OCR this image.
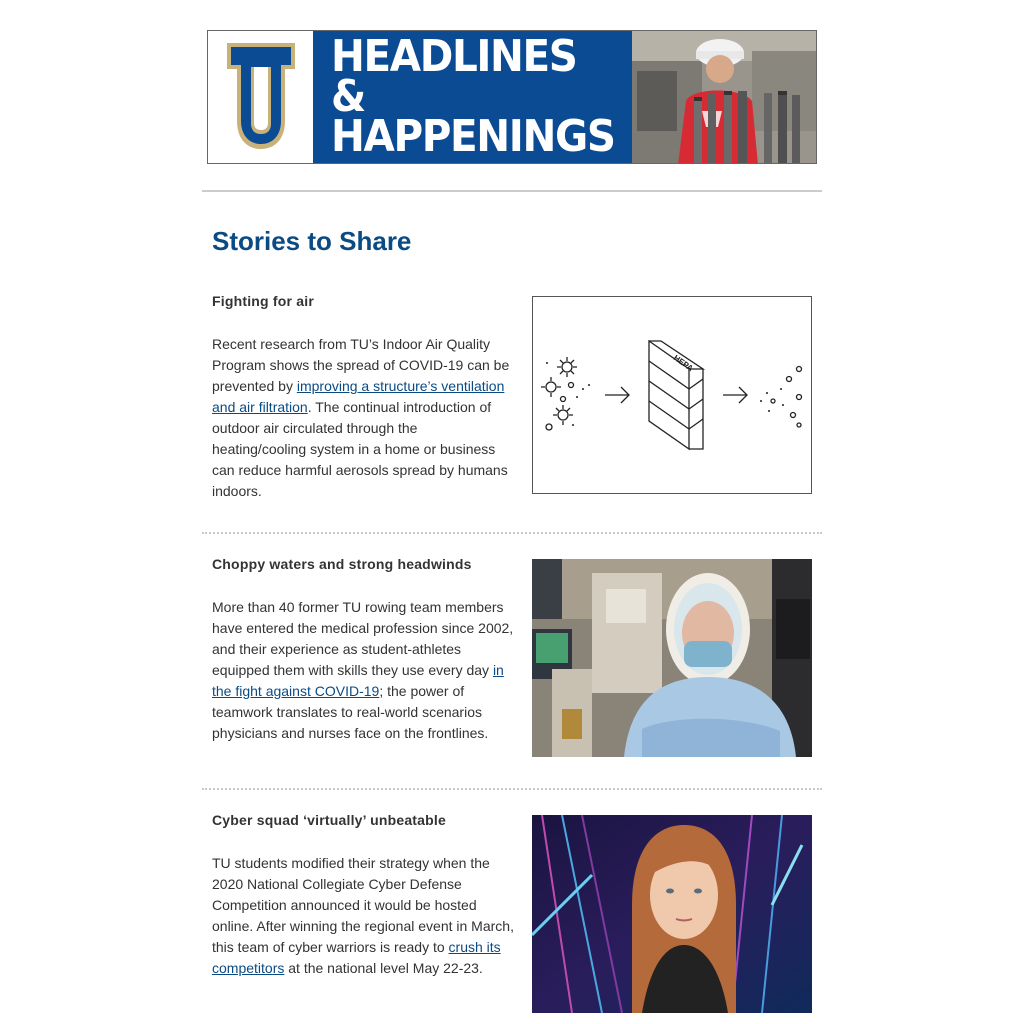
HEADLINES &
HAPPENINGS
Stories to Share
Fighting for air

Recent research from TU’s Indoor Air Quality Program shows the spread of COVID-19 can be prevented by improving a structure’s ventilation and air filtration. The continual introduction of outdoor air circulated through the heating/cooling system in a home or business can reduce harmful aerosols spread by humans indoors.

HEPA
Choppy waters and strong headwinds

More than 40 former TU rowing team members have entered the medical profession since 2002, and their experience as student-athletes equipped them with skills they use every day in the fight against COVID-19; the power of teamwork translates to real-world scenarios physicians and nurses face on the frontlines.

Cyber squad ‘virtually’ unbeatable

TU students modified their strategy when the 2020 National Collegiate Cyber Defense Competition announced it would be hosted online. After winning the regional event in March, this team of cyber warriors is ready to crush its competitors at the national level May 22-23.
